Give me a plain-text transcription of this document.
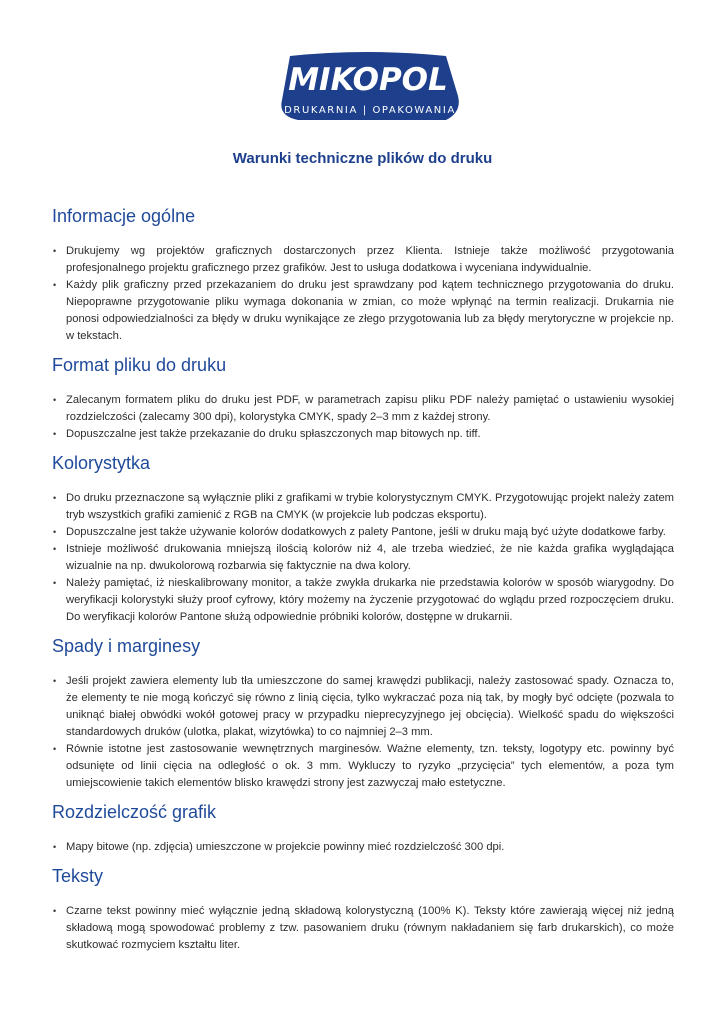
MIKOPOL
DRUKARNIA | OPAKOWANIA
Warunki techniczne plików do druku
Informacje ogólne
• Drukujemy wg projektów graficznych dostarczonych przez Klienta. Istnieje także możliwość przygotowania profesjonalnego projektu graficznego przez grafików. Jest to usługa dodatkowa i wyceniana indywidualnie.
• Każdy plik graficzny przed przekazaniem do druku jest sprawdzany pod kątem technicznego przygotowania do druku. Niepoprawne przygotowanie pliku wymaga dokonania w zmian, co może wpłynąć na termin realizacji. Drukarnia nie ponosi odpowiedzialności za błędy w druku wynikające ze złego przygotowania lub za błędy merytoryczne w projekcie np. w tekstach.
Format pliku do druku
• Zalecanym formatem pliku do druku jest PDF, w parametrach zapisu pliku PDF należy pamiętać o ustawieniu wysokiej rozdzielczości (zalecamy 300 dpi), kolorystyka CMYK, spady 2–3 mm z każdej strony.
• Dopuszczalne jest także przekazanie do druku spłaszczonych map bitowych np. tiff.
Kolorystytka
• Do druku przeznaczone są wyłącznie pliki z grafikami w trybie kolorystycznym CMYK. Przygotowując projekt należy zatem tryb wszystkich grafiki zamienić z RGB na CMYK (w projekcie lub podczas eksportu).
• Dopuszczalne jest także używanie kolorów dodatkowych z palety Pantone, jeśli w druku mają być użyte dodatkowe farby.
• Istnieje możliwość drukowania mniejszą ilością kolorów niż 4, ale trzeba wiedzieć, że nie każda grafika wyglądająca wizualnie na np. dwukolorową rozbarwia się faktycznie na dwa kolory.
• Należy pamiętać, iż nieskalibrowany monitor, a także zwykła drukarka nie przedstawia kolorów w sposób wiarygodny. Do weryfikacji kolorystyki służy proof cyfrowy, który możemy na życzenie przygotować do wglądu przed rozpoczęciem druku. Do weryfikacji kolorów Pantone służą odpowiednie próbniki kolorów, dostępne w drukarnii.
Spady i marginesy
• Jeśli projekt zawiera elementy lub tła umieszczone do samej krawędzi publikacji, należy zastosować spady. Oznacza to, że elementy te nie mogą kończyć się równo z linią cięcia, tylko wykraczać poza nią tak, by mogły być odcięte (pozwala to uniknąć białej obwódki wokół gotowej pracy w przypadku nieprecyzyjnego jej obcięcia). Wielkość spadu do większości standardowych druków (ulotka, plakat, wizytówka) to co najmniej 2–3 mm.
• Równie istotne jest zastosowanie wewnętrznych marginesów. Ważne elementy, tzn. teksty, logotypy etc. powinny być odsunięte od linii cięcia na odległość o ok. 3 mm. Wykluczy to ryzyko „przycięcia” tych elementów, a poza tym umiejscowienie takich elementów blisko krawędzi strony jest zazwyczaj mało estetyczne.
Rozdzielczość grafik
• Mapy bitowe (np. zdjęcia) umieszczone w projekcie powinny mieć rozdzielczość 300 dpi.
Teksty
• Czarne tekst powinny mieć wyłącznie jedną składową kolorystyczną (100% K). Teksty które zawierają więcej niż jedną składową mogą spowodować problemy z tzw. pasowaniem druku (równym nakładaniem się farb drukarskich), co może skutkować rozmyciem kształtu liter.
